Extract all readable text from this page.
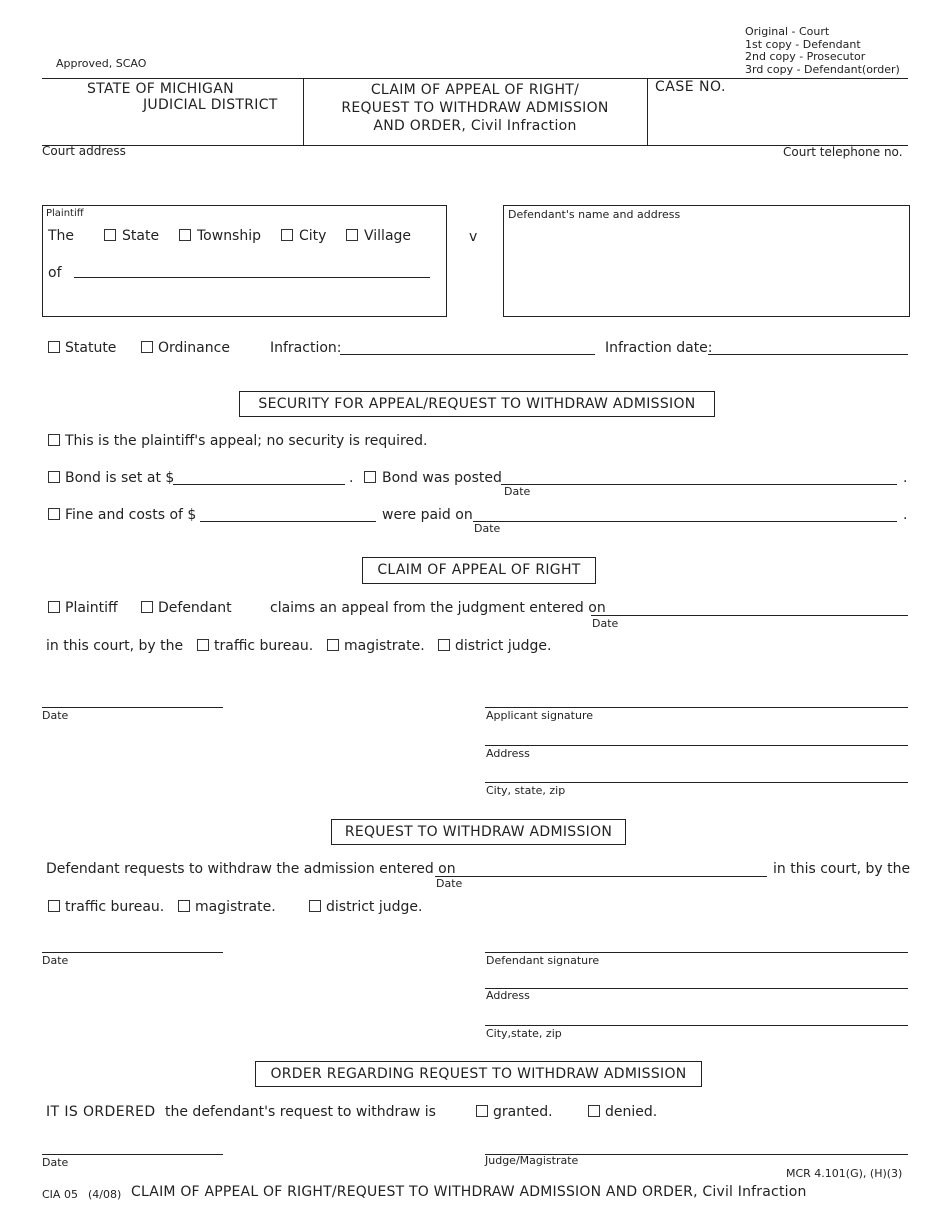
Approved, SCAO
Original - Court
1st copy - Defendant
2nd copy - Prosecutor
3rd copy - Defendant(order)
STATE OF MICHIGAN
JUDICIAL DISTRICT
CLAIM OF APPEAL OF RIGHT/
REQUEST TO WITHDRAW ADMISSION
AND ORDER, Civil Infraction
CASE NO.
Court address	Court telephone no.
Plaintiff
The	State	Township	City	Village
of
v
Defendant's name and address
Statute	Ordinance	Infraction:	Infraction date:
SECURITY FOR APPEAL/REQUEST TO WITHDRAW ADMISSION
This is the plaintiff's appeal; no security is required.
Bond is set at $	. Bond was posted
Date
.
Fine and costs of $	were paid on
Date
.
CLAIM OF APPEAL OF RIGHT
Plaintiff	Defendant	claims an appeal from the judgment entered on
Date
in this court, by the traffic bureau. magistrate. district judge.
Date	Applicant signature
Address
City, state, zip
REQUEST TO WITHDRAW ADMISSION
Defendant requests to withdraw the admission entered on
Date
in this court, by the
traffic bureau. magistrate.	district judge.
Date	Defendant signature
Address
City,state, zip
ORDER REGARDING REQUEST TO WITHDRAW ADMISSION
IT IS ORDERED the defendant's request to withdraw is	granted.	denied.
Date	Judge/Magistrate
MCR 4.101(G), (H)(3)
CIA 05 (4/08) CLAIM OF APPEAL OF RIGHT/REQUEST TO WITHDRAW ADMISSION AND ORDER, Civil Infraction
